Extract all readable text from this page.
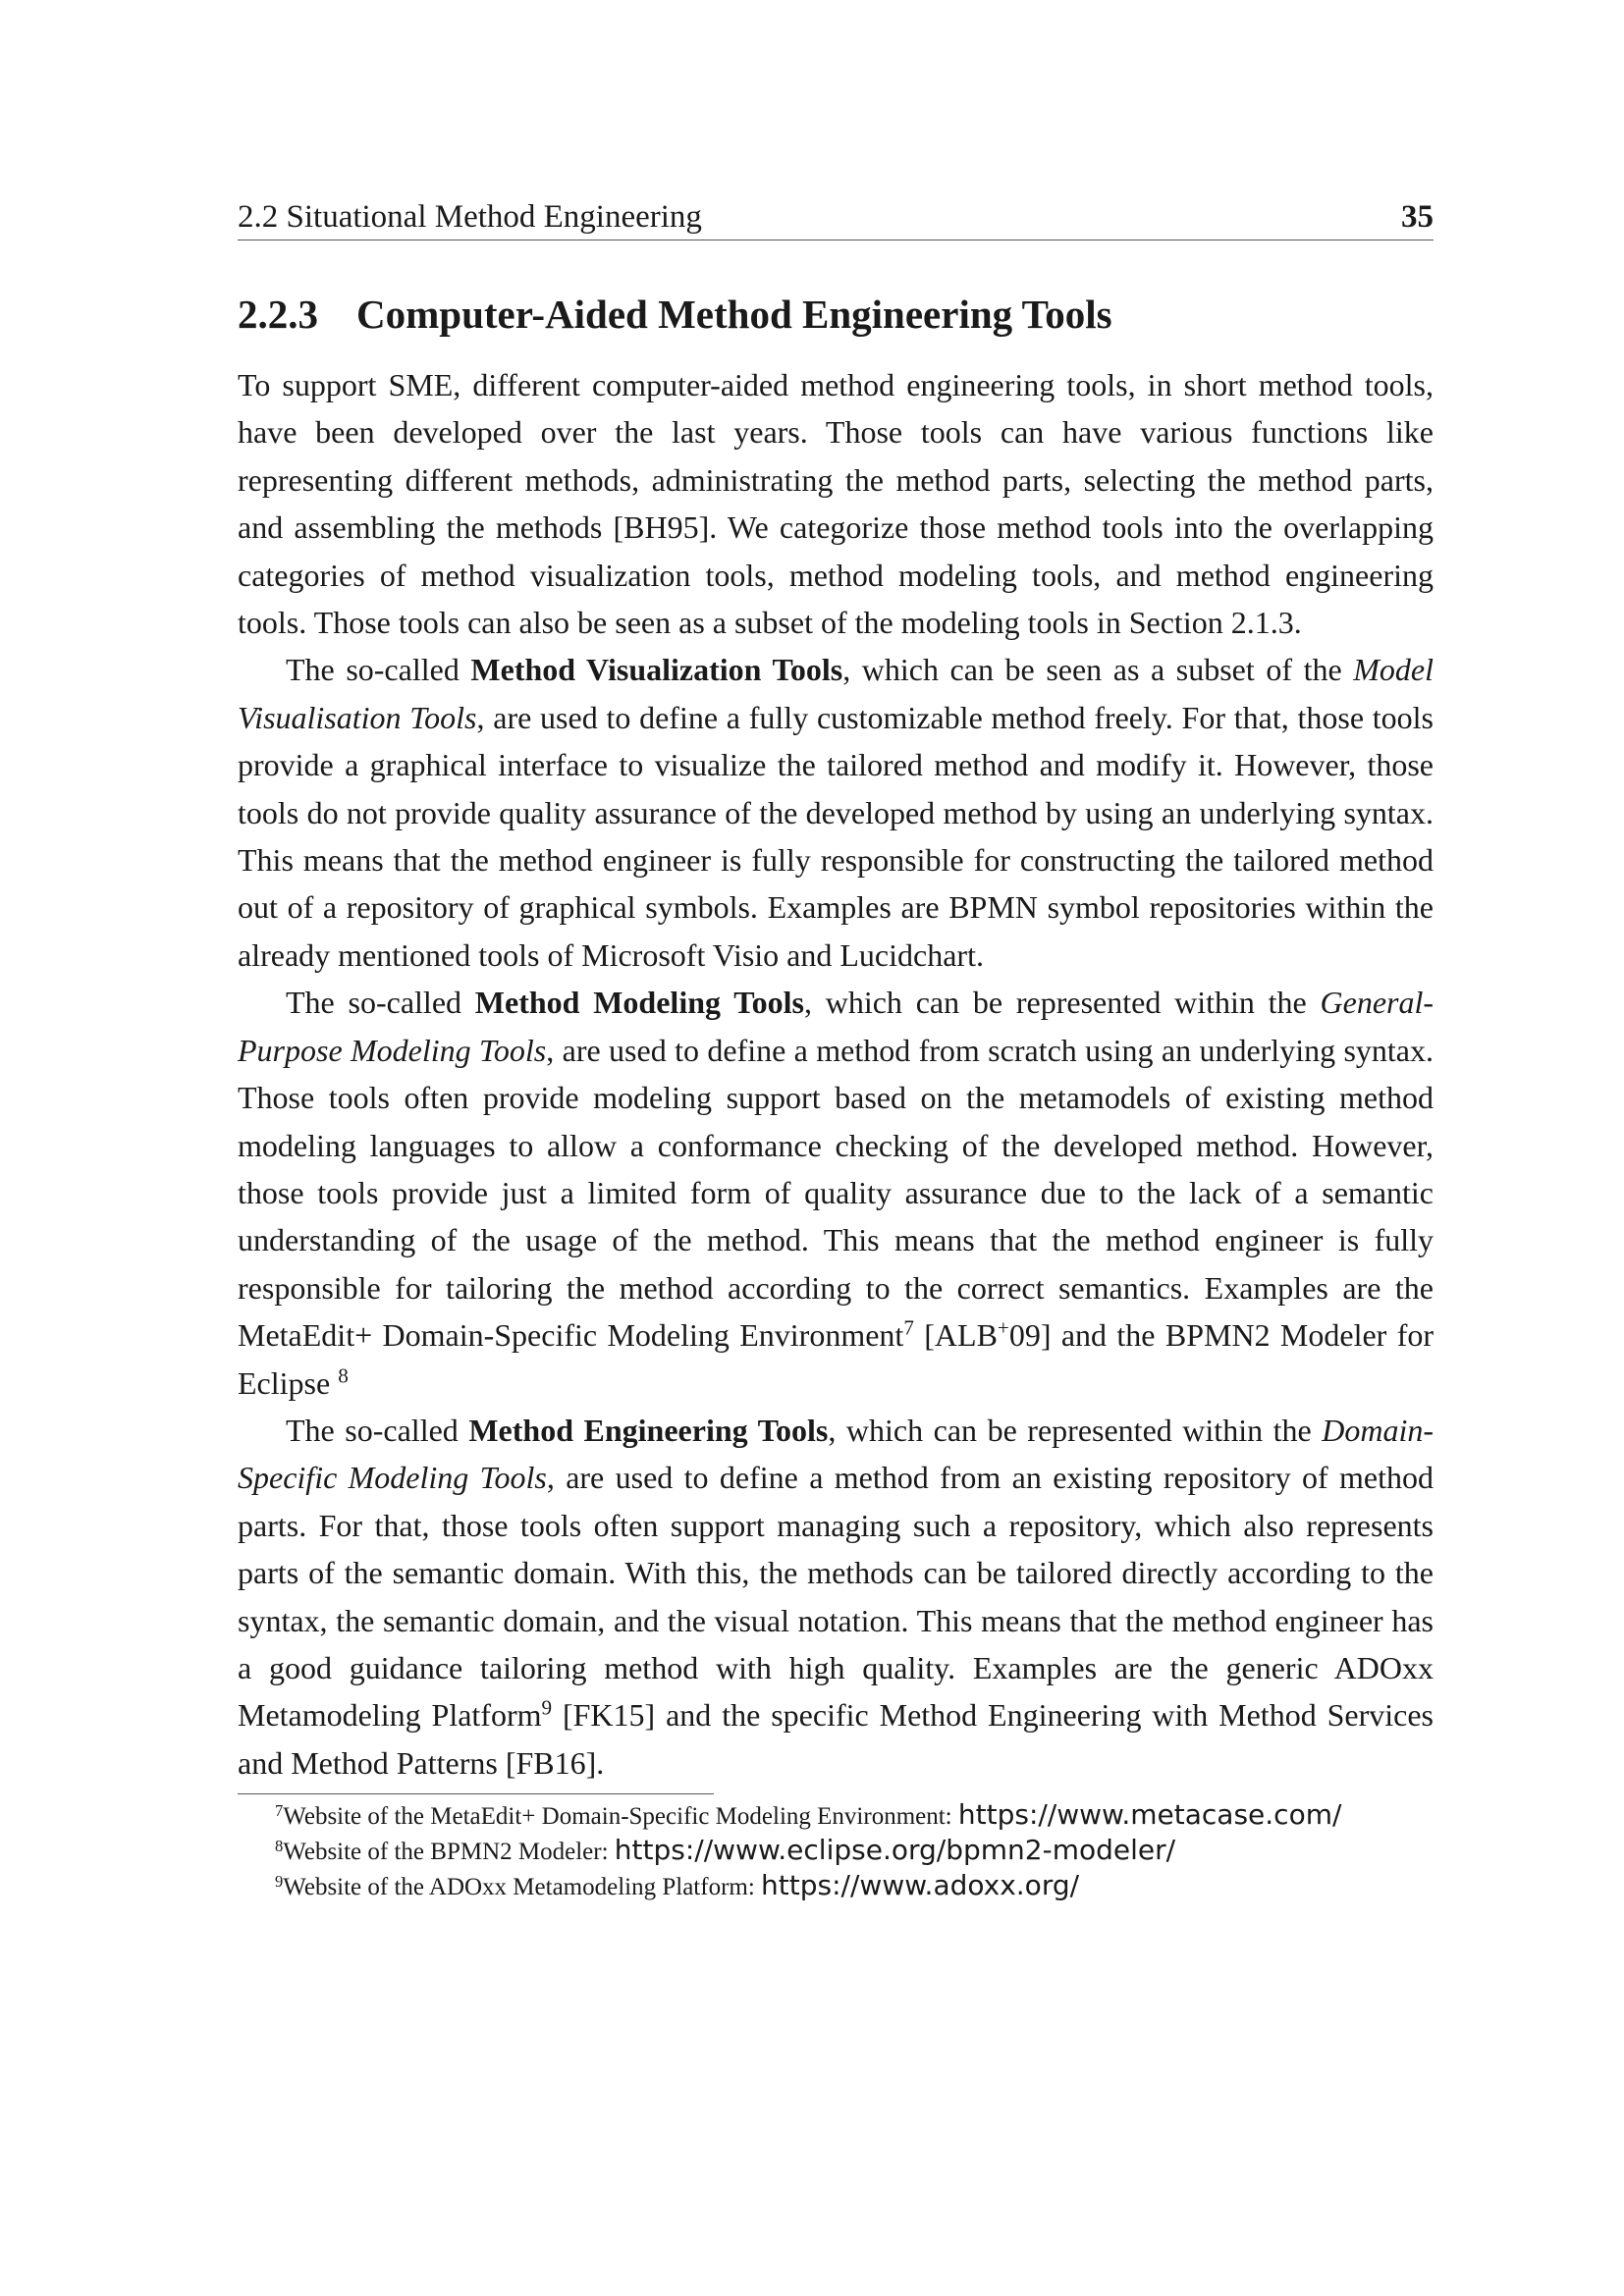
2.2 Situational Method Engineering	35
2.2.3 Computer-Aided Method Engineering Tools

To support SME, different computer-aided method engineering tools, in short method tools, have been developed over the last years. Those tools can have various functions like representing different methods, administrating the method parts, selecting the method parts, and assembling the methods [BH95]. We categorize those method tools into the overlapping categories of method visualization tools, method modeling tools, and method engineering tools. Those tools can also be seen as a subset of the modeling tools in Section 2.1.3.

The so-called Method Visualization Tools, which can be seen as a subset of the Model Visualisation Tools, are used to define a fully customizable method freely. For that, those tools provide a graphical interface to visualize the tailored method and modify it. However, those tools do not provide quality assurance of the developed method by using an underlying syntax. This means that the method engineer is fully responsible for constructing the tailored method out of a repository of graphical symbols. Examples are BPMN symbol repositories within the already mentioned tools of Microsoft Visio and Lucidchart.

The so-called Method Modeling Tools, which can be represented within the General-Purpose Modeling Tools, are used to define a method from scratch using an underlying syntax. Those tools often provide modeling support based on the metamodels of existing method modeling languages to allow a conformance checking of the developed method. However, those tools provide just a limited form of quality assurance due to the lack of a semantic understanding of the usage of the method. This means that the method engineer is fully responsible for tailoring the method according to the correct semantics. Examples are the MetaEdit+ Domain-Specific Modeling Environment$^7$ [ALB+09] and the BPMN2 Modeler for Eclipse $^8$

The so-called Method Engineering Tools, which can be represented within the Domain-Specific Modeling Tools, are used to define a method from an existing repository of method parts. For that, those tools often support managing such a repository, which also represents parts of the semantic domain. With this, the methods can be tailored directly according to the syntax, the semantic domain, and the visual notation. This means that the method engineer has a good guidance tailoring method with high quality. Examples are the generic ADOxx Metamodeling Platform$^9$ [FK15] and the specific Method Engineering with Method Services and Method Patterns [FB16].

$^7$Website of the MetaEdit+ Domain-Specific Modeling Environment: https://www.metacase.com/
$^8$Website of the BPMN2 Modeler: https://www.eclipse.org/bpmn2-modeler/
$^9$Website of the ADOxx Metamodeling Platform: https://www.adoxx.org/
